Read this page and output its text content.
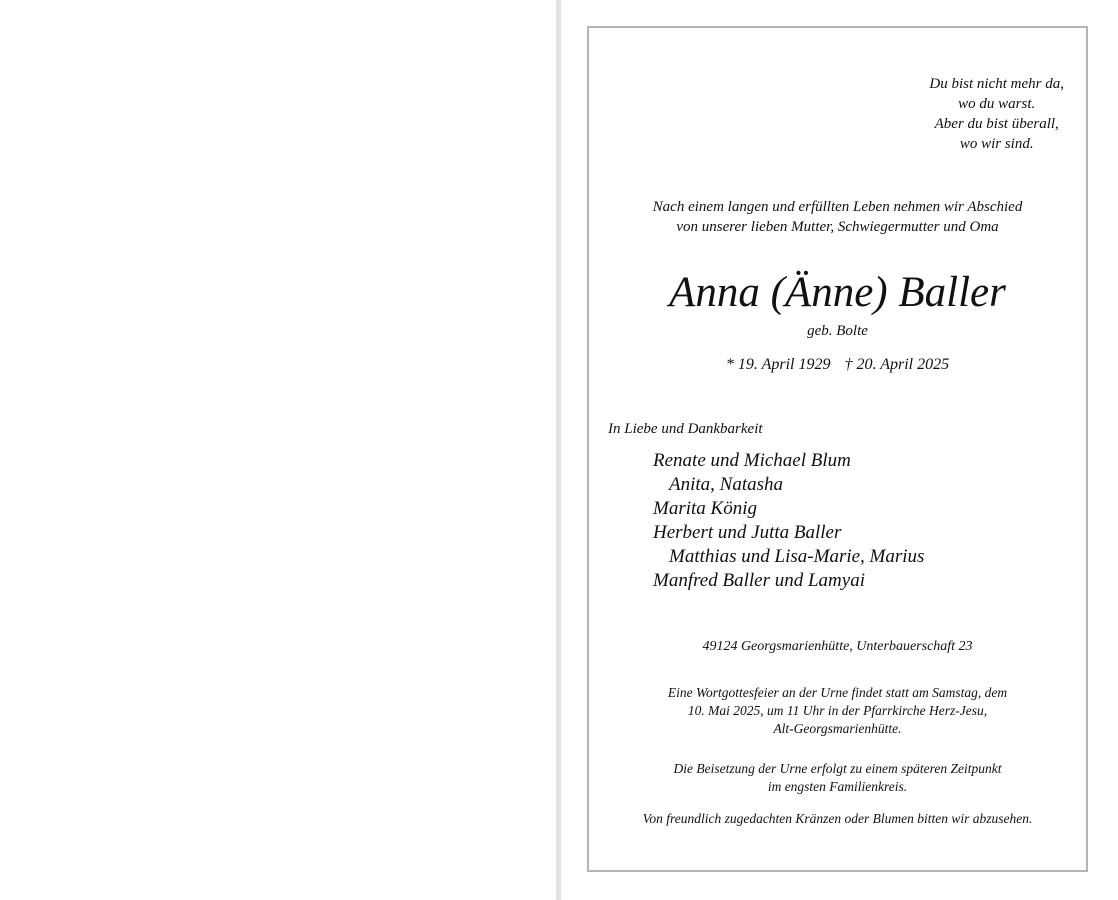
Du bist nicht mehr da,
wo du warst.
Aber du bist überall,
wo wir sind.
Nach einem langen und erfüllten Leben nehmen wir Abschied
von unserer lieben Mutter, Schwiegermutter und Oma
Anna (Änne) Baller
geb. Bolte
* 19. April 1929 † 20. April 2025
In Liebe und Dankbarkeit
Renate und Michael Blum
Anita, Natasha
Marita König
Herbert und Jutta Baller
Matthias und Lisa-Marie, Marius
Manfred Baller und Lamyai
49124 Georgsmarienhütte, Unterbauerschaft 23
Eine Wortgottesfeier an der Urne findet statt am Samstag, dem
10. Mai 2025, um 11 Uhr in der Pfarrkirche Herz-Jesu,
Alt-Georgsmarienhütte.
Die Beisetzung der Urne erfolgt zu einem späteren Zeitpunkt
im engsten Familienkreis.
Von freundlich zugedachten Kränzen oder Blumen bitten wir abzusehen.
